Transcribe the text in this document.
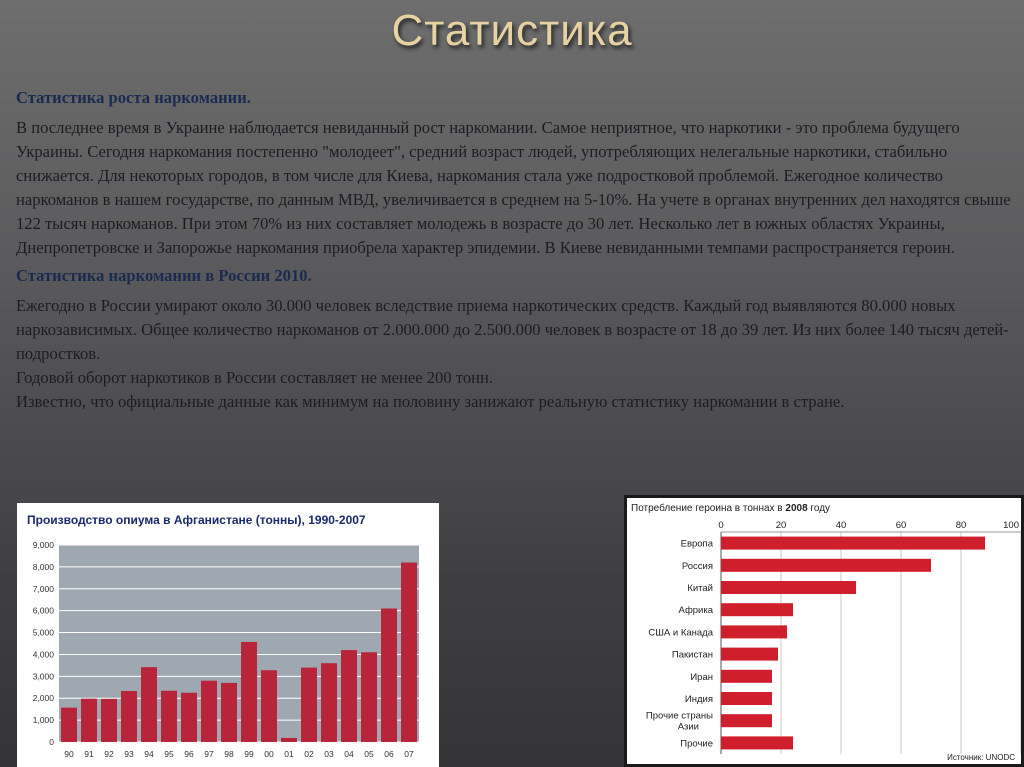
Статистика
Статистика роста наркомании.
В последнее время в Украине наблюдается невиданный рост наркомании. Самое неприятное, что наркотики - это проблема будущего Украины. Сегодня наркомания постепенно "молодеет", средний возраст людей, употребляющих нелегальные наркотики, стабильно снижается. Для некоторых городов, в том числе для Киева, наркомания стала уже подростковой проблемой. Ежегодное количество наркоманов в нашем государстве, по данным МВД, увеличивается в среднем на 5-10%. На учете в органах внутренних дел находятся свыше 122 тысяч наркоманов. При этом 70% из них составляет молодежь в возрасте до 30 лет. Несколько лет в южных областях Украины, Днепропетровске и Запорожье наркомания приобрела характер эпидемии. В Киеве невиданными темпами распространяется героин.
Статистика наркомании в России 2010.
Ежегодно в России умирают около 30.000 человек вследствие приема наркотических средств. Каждый год выявляются 80.000 новых наркозависимых. Общее количество наркоманов от 2.000.000 до 2.500.000 человек в возрасте от 18 до 39 лет. Из них более 140 тысяч детей-подростков.
Годовой оборот наркотиков в России составляет не менее 200 тонн.
Известно, что официальные данные как минимум на половину занижают реальную статистику наркомании в стране.
Производство опиума в Афганистане (тонны), 1990-2007
0
1,000
2,000
3,000
4,000
5,000
6,000
7,000
8,000
9,000
90 91 92 93 94 95 96 97 98 99 00 01 02 03 04 05 06 07
Потребление героина в тоннах в 2008 году
0	20	40	60	80	100
Европа
Россия
Китай
Африка
США и Канада
Пакистан
Иран
Индия
Прочие страны
Азии
Прочие
Источник: UNODC
